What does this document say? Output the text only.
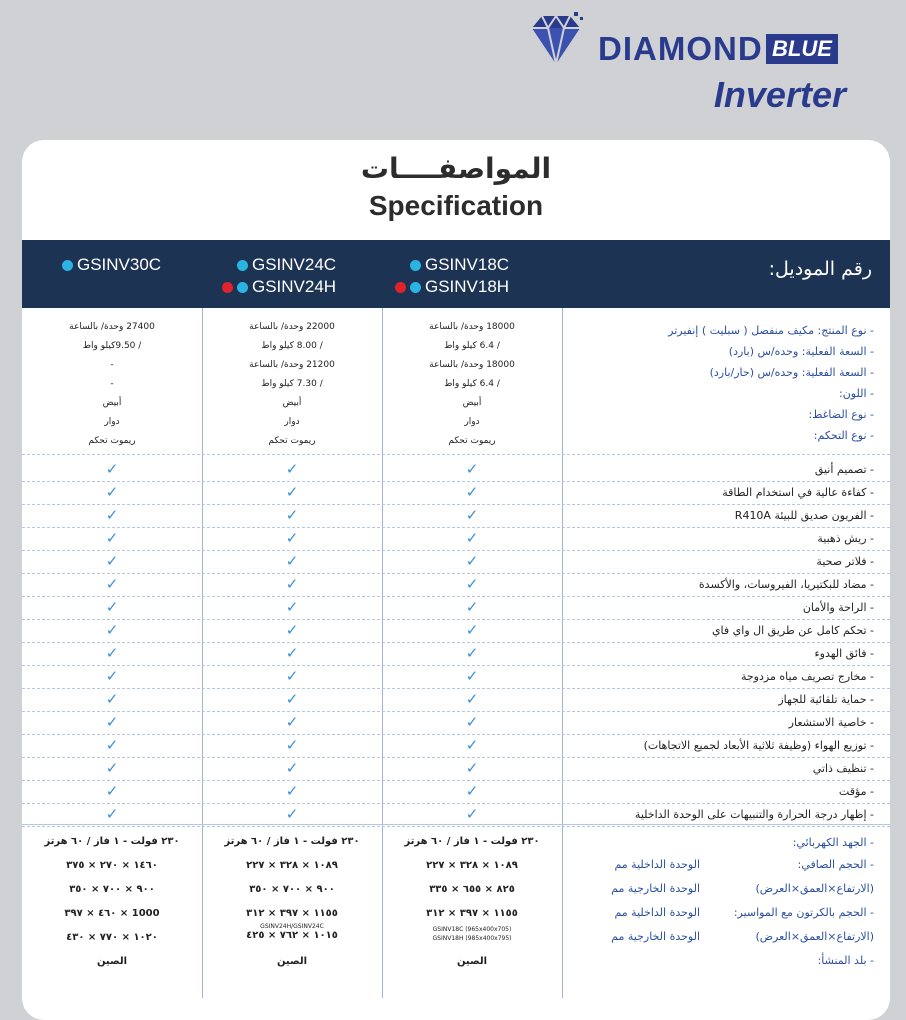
DIAMOND BLUE
Inverter
المواصفــــات
Specification
رقم الموديل:
GSINV18C
GSINV18H
GSINV24C
GSINV24H
GSINV30C
18000 وحدة/ بالساعة
/ 6.4 كيلو واط
18000 وحدة/ بالساعة
/ 6.4 كيلو واط
أبيض
دوار
ريموت تحكم
22000 وحدة/ بالساعة
/ 8.00 كيلو واط
21200 وحدة/ بالساعة
/ 7.30 كيلو واط
أبيض
دوار
ريموت تحكم
27400 وحدة/ بالساعة
/ 9.50كيلو واط
-
-
أبيض
دوار
ريموت تحكم
- نوع المنتج: مكيف منفصل ( سبليت ) إنفيرتر
- السعة الفعلية: وحده/س (بارد)
- السعة الفعلية: وحده/س (حار/بارد)
- اللون:
- نوع الضاغط:
- نوع التحكم:
- تصميم أنيق
✓
✓
✓
- كفاءة عالية في استخدام الطاقة
✓
✓
✓
- الفريون صديق للبيئة R410A
✓
✓
✓
- ريش ذهبية
✓
✓
✓
- فلاتر صحية
✓
✓
✓
- مضاد للبكتيريا، الفيروسات، والأكسدة
✓
✓
✓
- الراحة والأمان
✓
✓
✓
- تحكم كامل عن طريق ال واي فاي
✓
✓
✓
- فائق الهدوء
✓
✓
✓
- مخارج تصريف مياه مزدوجة
✓
✓
✓
- حماية تلقائية للجهاز
✓
✓
✓
- خاصية الاستشعار
✓
✓
✓
- توزيع الهواء (وظيفة ثلاثية الأبعاد لجميع الاتجاهات)
✓
✓
✓
- تنظيف ذاتي
✓
✓
✓
- مؤقت
✓
✓
✓
- إظهار درجة الحرارة والتنبيهات على الوحدة الداخلية
✓
✓
✓
- الجهد الكهربائي:
- الحجم الصافي:
(الارتفاع×العمق×العرض)
الوحدة الداخلية مم
الوحدة الخارجية مم
- الحجم بالكرتون مع المواسير:
(الارتفاع×العمق×العرض)
الوحدة الداخلية مم
الوحدة الخارجية مم
- بلد المنشأ:
٢٣٠ فولت - ١ فاز / ٦٠ هرتز
١٠٨٩ × ٣٢٨ × ٢٢٧
٨٢٥ × ٦٥٥ × ٣٣٥
١١٥٥ × ٣٩٧ × ٣١٢
GSINV18C (965x400x705)
GSINV18H (985x400x795)
الصين
٢٣٠ فولت - ١ فاز / ٦٠ هرتز
١٠٨٩ × ٣٢٨ × ٢٢٧
٩٠٠ × ٧٠٠ × ٣٥٠
١١٥٥ × ٣٩٧ × ٣١٢
GSINV24H/GSINV24C
١٠١٥ × ٧٦٢ × ٤٢٥
الصين
٢٣٠ فولت - ١ فاز / ٦٠ هرتز
١٤٦٠ × ٢٧٠ × ٣٧٥
٩٠٠ × ٧٠٠ × ٣٥٠
1000 × ٤٦٠ × ٣٩٧
١٠٢٠ × ٧٧٠ × ٤٣٠
الصين
